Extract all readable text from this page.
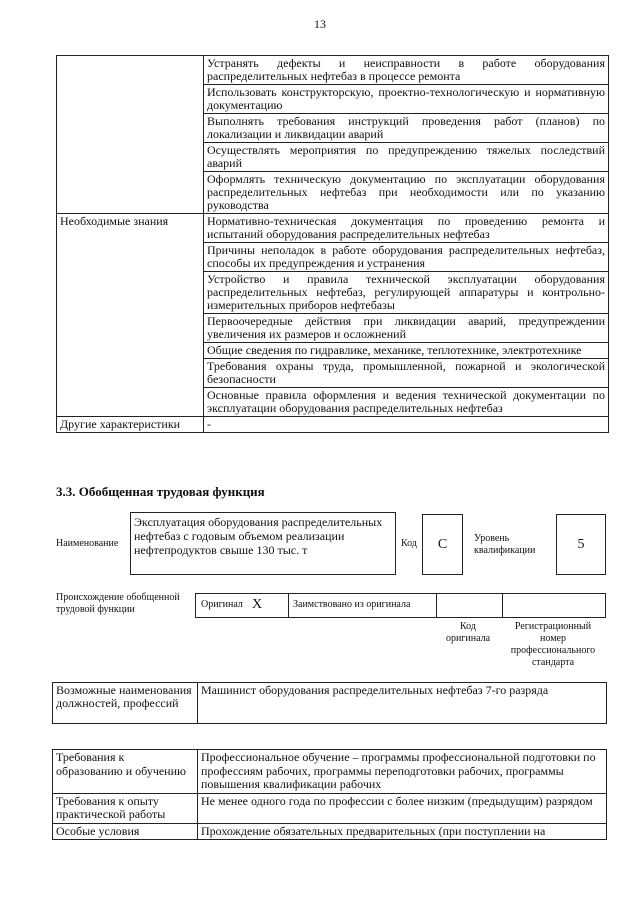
13
	Устранять дефекты и неисправности в работе оборудования распределительных нефтебаз в процессе ремонта
	Использовать конструкторскую, проектно-технологическую и нормативную документацию
	Выполнять требования инструкций проведения работ (планов) по локализации и ликвидации аварий
	Осуществлять мероприятия по предупреждению тяжелых последствий аварий
	Оформлять техническую документацию по эксплуатации оборудования распределительных нефтебаз при необходимости или по указанию руководства
Необходимые знания	Нормативно-техническая документация по проведению ремонта и испытаний оборудования распределительных нефтебаз
	Причины неполадок в работе оборудования распределительных нефтебаз, способы их предупреждения и устранения
	Устройство и правила технической эксплуатации оборудования распределительных нефтебаз, регулирующей аппаратуры и контрольно-измерительных приборов нефтебазы
	Первоочередные действия при ликвидации аварий, предупреждении увеличения их размеров и осложнений
	Общие сведения по гидравлике, механике, теплотехнике, электротехнике
	Требования охраны труда, промышленной, пожарной и экологической безопасности
	Основные правила оформления и ведения технической документации по эксплуатации оборудования распределительных нефтебаз
Другие характеристики	-
3.3. Обобщенная трудовая функция
Наименование
Эксплуатация оборудования распределительных нефтебаз с годовым объемом реализации нефтепродуктов свыше 130 тыс. т	Код C	Уровень квалификации	5
Происхождение обобщенной трудовой функции	Оригинал X	Заимствовано из оригинала
Код оригинала
Регистрационный номер профессионального стандарта
Возможные наименования должностей, профессий	Машинист оборудования распределительных нефтебаз 7-го разряда
Требования к образованию и обучению	Профессиональное обучение – программы профессиональной подготовки по профессиям рабочих, программы переподготовки рабочих, программы повышения квалификации рабочих
Требования к опыту практической работы	Не менее одного года по профессии с более низким (предыдущим) разрядом
Особые условия	Прохождение обязательных предварительных (при поступлении на
